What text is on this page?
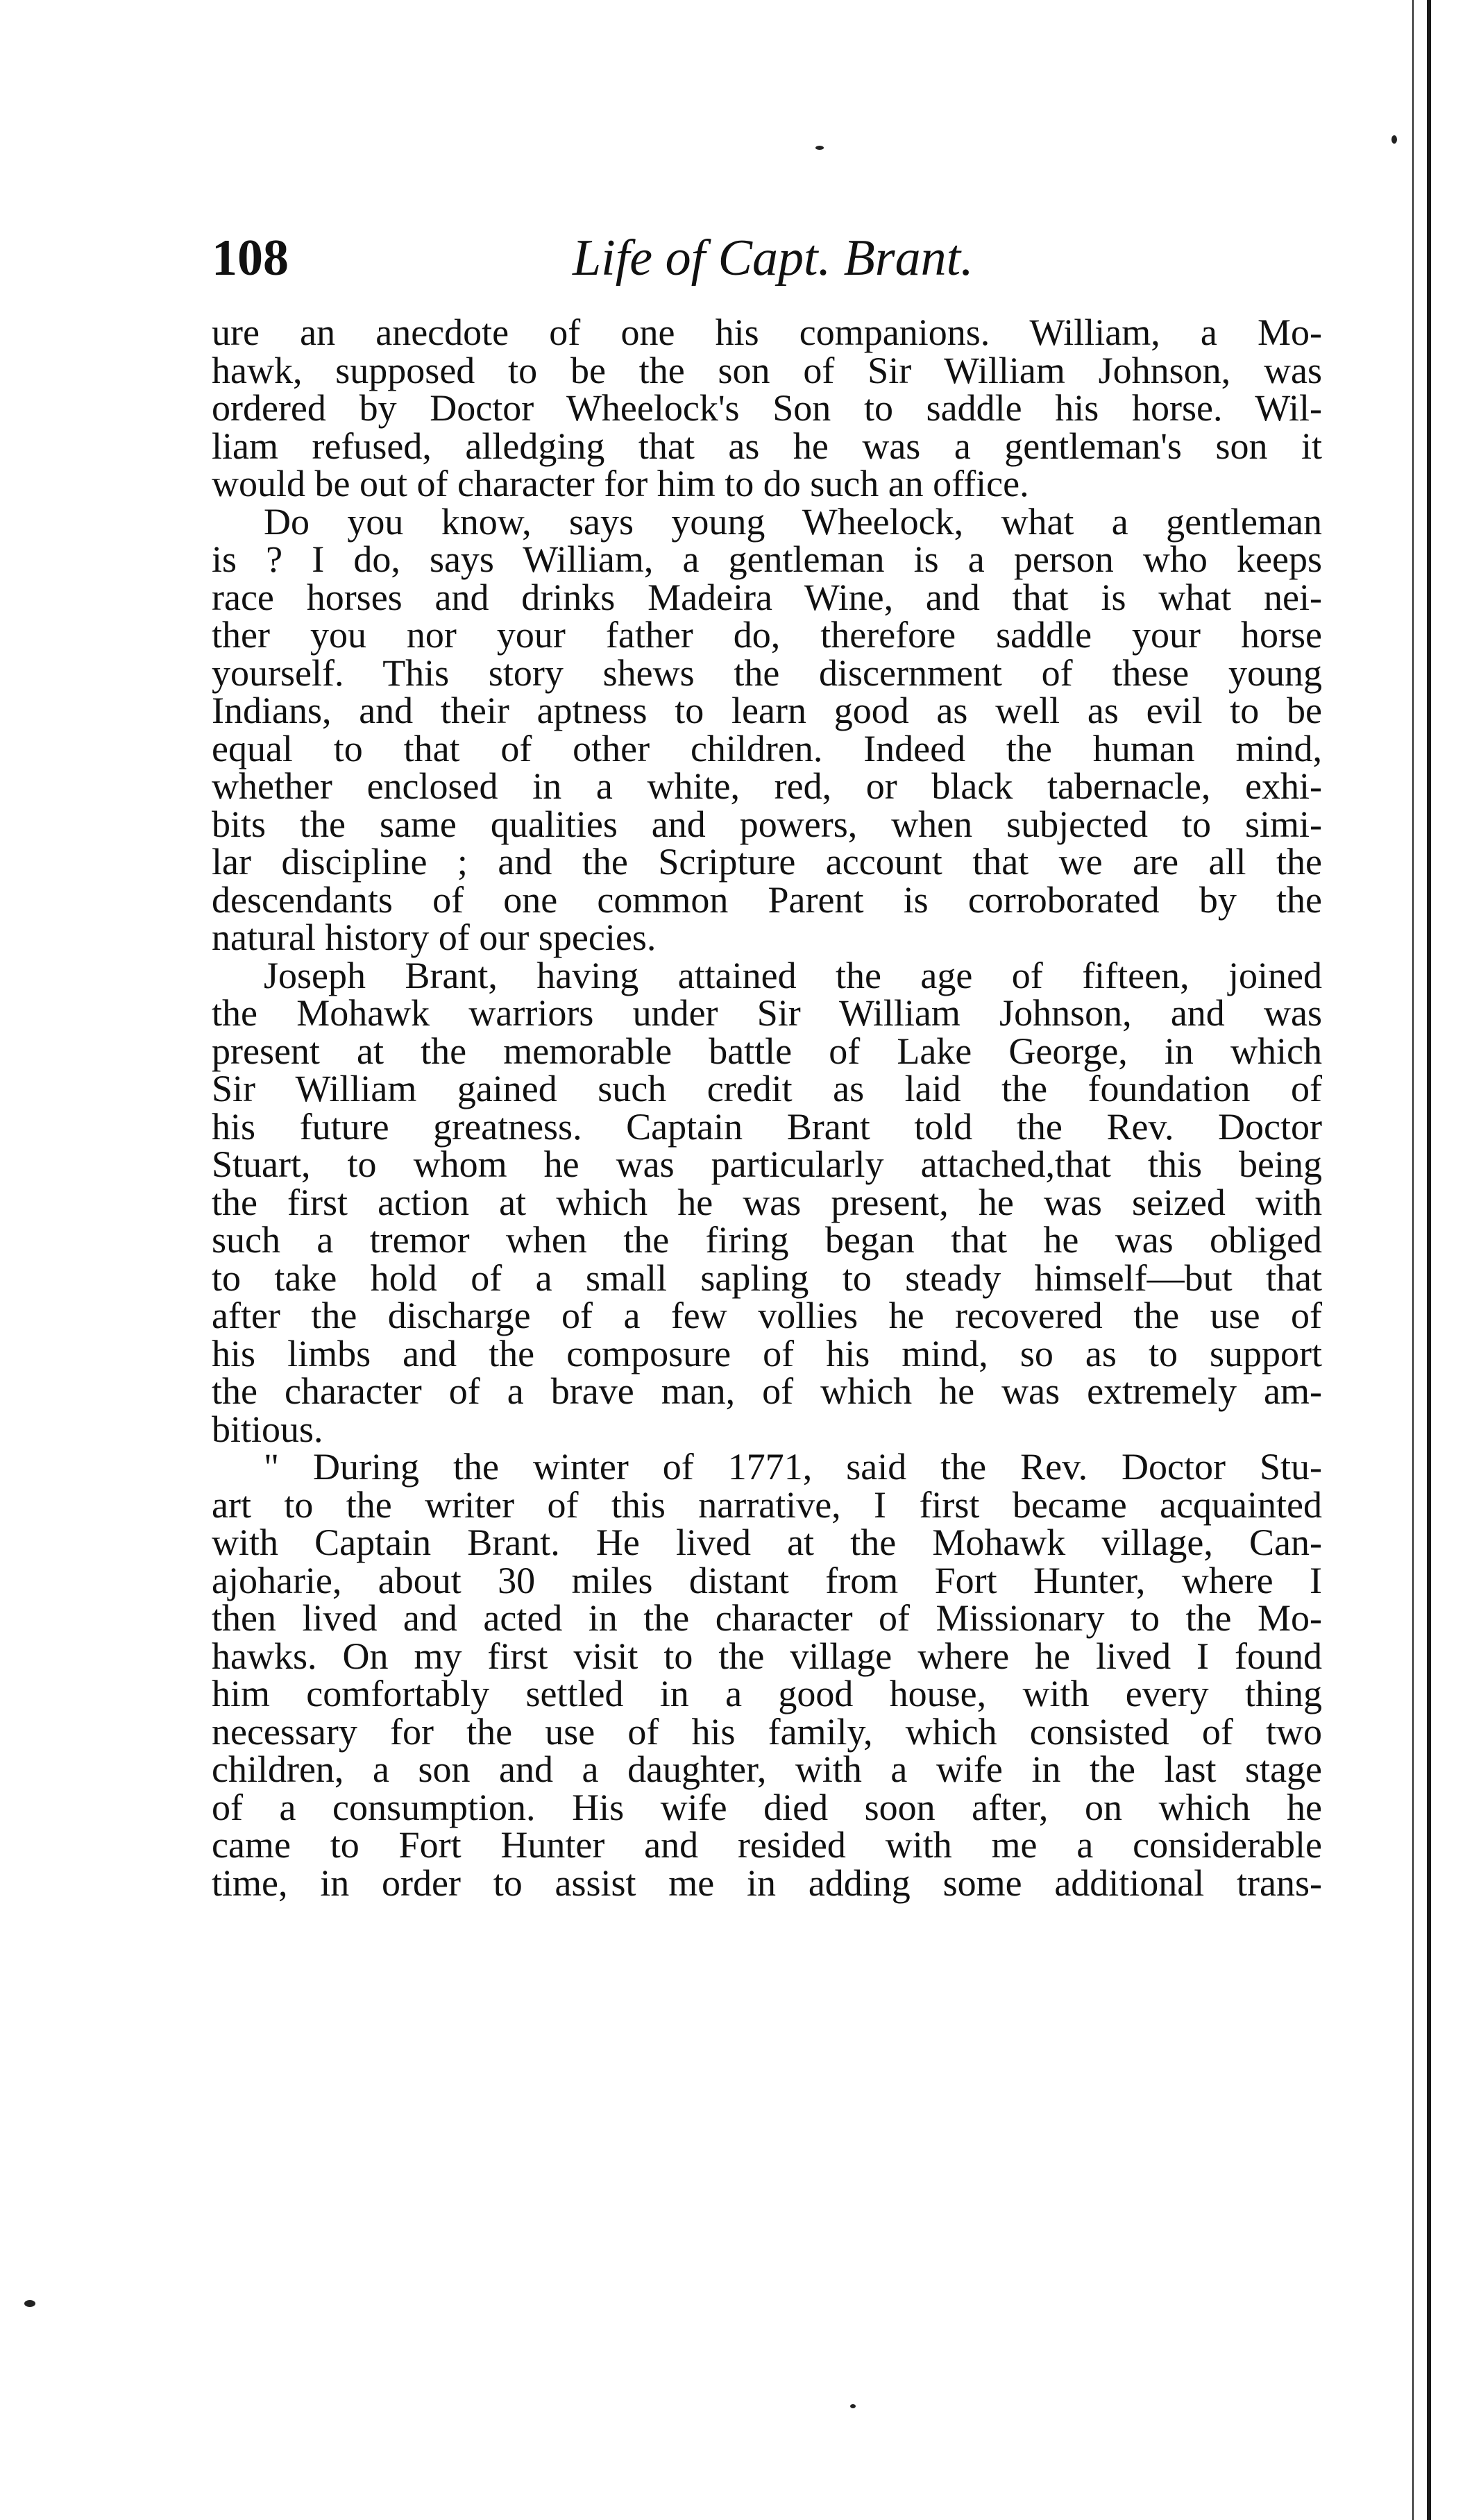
108	Life of Capt. Brant.
ure an anecdote of one his companions. William, a Mo-
hawk, supposed to be the son of Sir William Johnson, was
ordered by Doctor Wheelock's Son to saddle his horse. Wil-
liam refused, alledging that as he was a gentleman's son it
would be out of character for him to do such an office.
Do you know, says young Wheelock, what a gentleman
is ? I do, says William, a gentleman is a person who keeps
race horses and drinks Madeira Wine, and that is what nei-
ther you nor your father do, therefore saddle your horse
yourself. This story shews the discernment of these young
Indians, and their aptness to learn good as well as evil to be
equal to that of other children. Indeed the human mind,
whether enclosed in a white, red, or black tabernacle, exhi-
bits the same qualities and powers, when subjected to simi-
lar discipline ; and the Scripture account that we are all the
descendants of one common Parent is corroborated by the
natural history of our species.
Joseph Brant, having attained the age of fifteen, joined
the Mohawk warriors under Sir William Johnson, and was
present at the memorable battle of Lake George, in which
Sir William gained such credit as laid the foundation of
his future greatness. Captain Brant told the Rev. Doctor
Stuart, to whom he was particularly attached,that this being
the first action at which he was present, he was seized with
such a tremor when the firing began that he was obliged
to take hold of a small sapling to steady himself—but that
after the discharge of a few vollies he recovered the use of
his limbs and the composure of his mind, so as to support
the character of a brave man, of which he was extremely am-
bitious.
" During the winter of 1771, said the Rev. Doctor Stu-
art to the writer of this narrative, I first became acquainted
with Captain Brant. He lived at the Mohawk village, Can-
ajoharie, about 30 miles distant from Fort Hunter, where I
then lived and acted in the character of Missionary to the Mo-
hawks. On my first visit to the village where he lived I found
him comfortably settled in a good house, with every thing
necessary for the use of his family, which consisted of two
children, a son and a daughter, with a wife in the last stage
of a consumption. His wife died soon after, on which he
came to Fort Hunter and resided with me a considerable
time, in order to assist me in adding some additional trans-
